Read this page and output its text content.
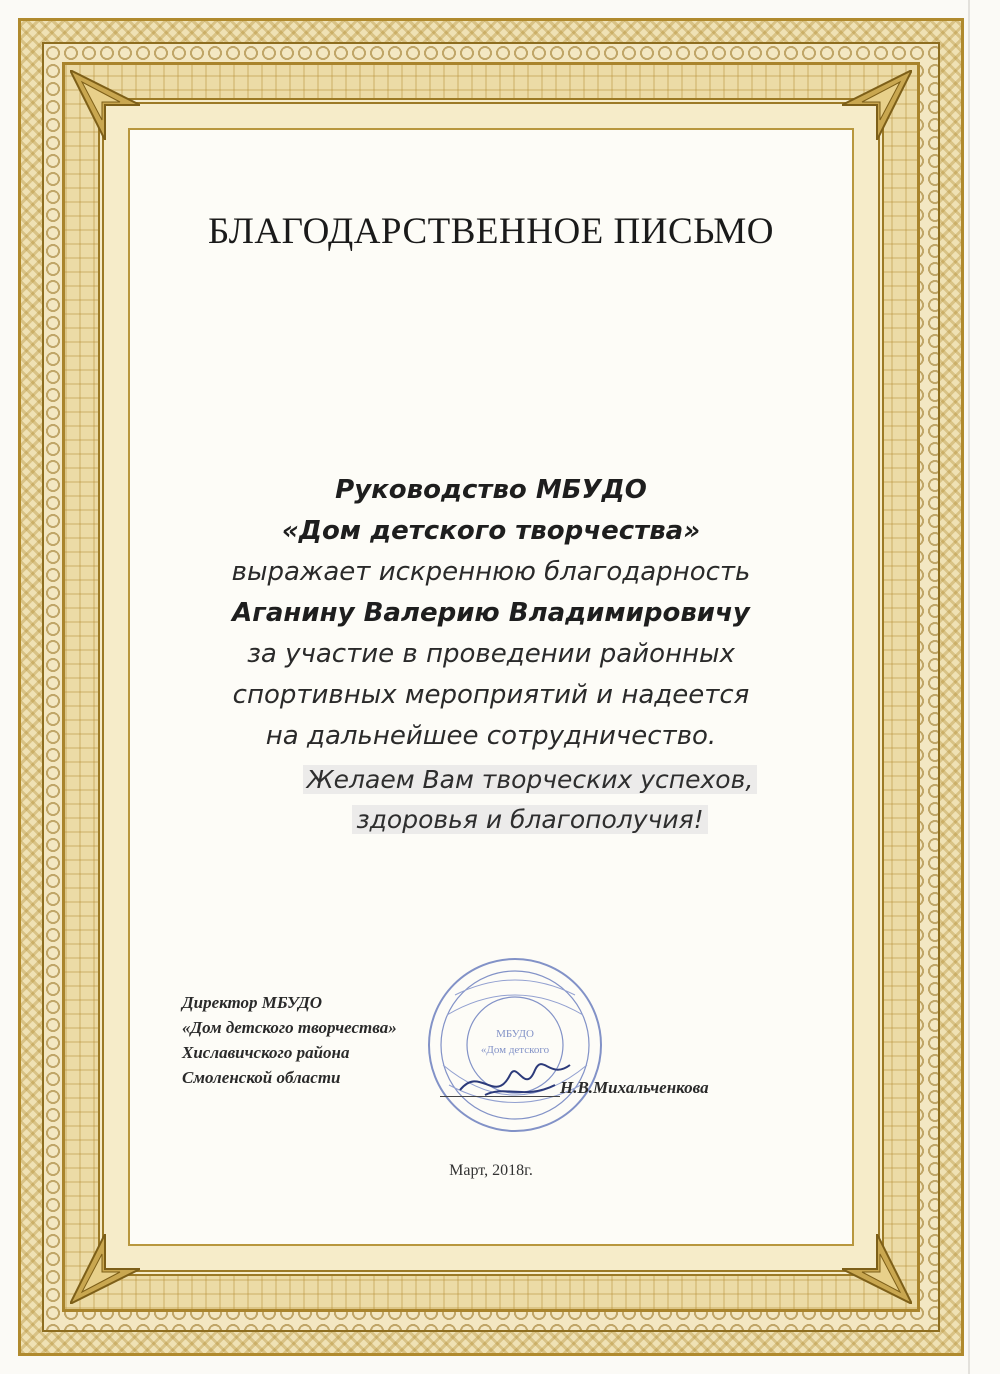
БЛАГОДАРСТВЕННОЕ ПИСЬМО
Руководство МБУДО
«Дом детского творчества»
выражает искреннюю благодарность
Аганину Валерию Владимировичу
за участие в проведении районных
спортивных мероприятий и надеется
на дальнейшее сотрудничество.
Желаем Вам творческих успехов,
здоровья и благополучия!
МБУДО
«Дом детского
Директор МБУДО
«Дом детского творчества»
Хиславичского района
Смоленской области
Н.В.Михальченкова
Март, 2018г.
